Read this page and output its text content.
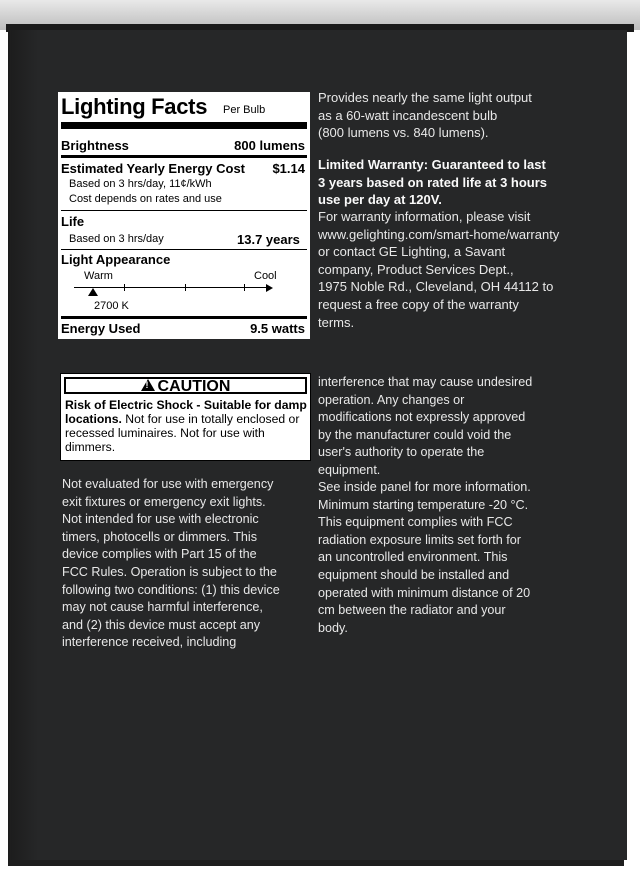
Lighting Facts Per Bulb
Brightness	800 lumens
Estimated Yearly Energy Cost $1.14
Based on 3 hrs/day, 11¢/kWh
Cost depends on rates and use
Life
Based on 3 hrs/day	13.7 years
Light Appearance
Warm	Cool
2700 K
Energy Used	9.5 watts

Provides nearly the same light output

as a 60-watt incandescent bulb

(800 lumens vs. 840 lumens).

Limited Warranty: Guaranteed to last

3 years based on rated life at 3 hours

use per day at 120V.

For warranty information, please visit

www.gelighting.com/smart-home/warranty

or contact GE Lighting, a Savant

company, Product Services Dept.,

1975 Noble Rd., Cleveland, OH 44112 to

request a free copy of the warranty

terms.

! CAUTION
Risk of Electric Shock - Suitable for damp locations. Not for use in totally enclosed or recessed luminaires. Not for use with dimmers.

Not evaluated for use with emergency

exit fixtures or emergency exit lights.

Not intended for use with electronic

timers, photocells or dimmers. This

device complies with Part 15 of the

FCC Rules. Operation is subject to the

following two conditions: (1) this device

may not cause harmful interference,

and (2) this device must accept any

interference received, including

interference that may cause undesired

operation. Any changes or

modifications not expressly approved

by the manufacturer could void the

user's authority to operate the

equipment.

See inside panel for more information.

Minimum starting temperature -20 °C.

This equipment complies with FCC

radiation exposure limits set forth for

an uncontrolled environment. This

equipment should be installed and

operated with minimum distance of 20

cm between the radiator and your

body.
